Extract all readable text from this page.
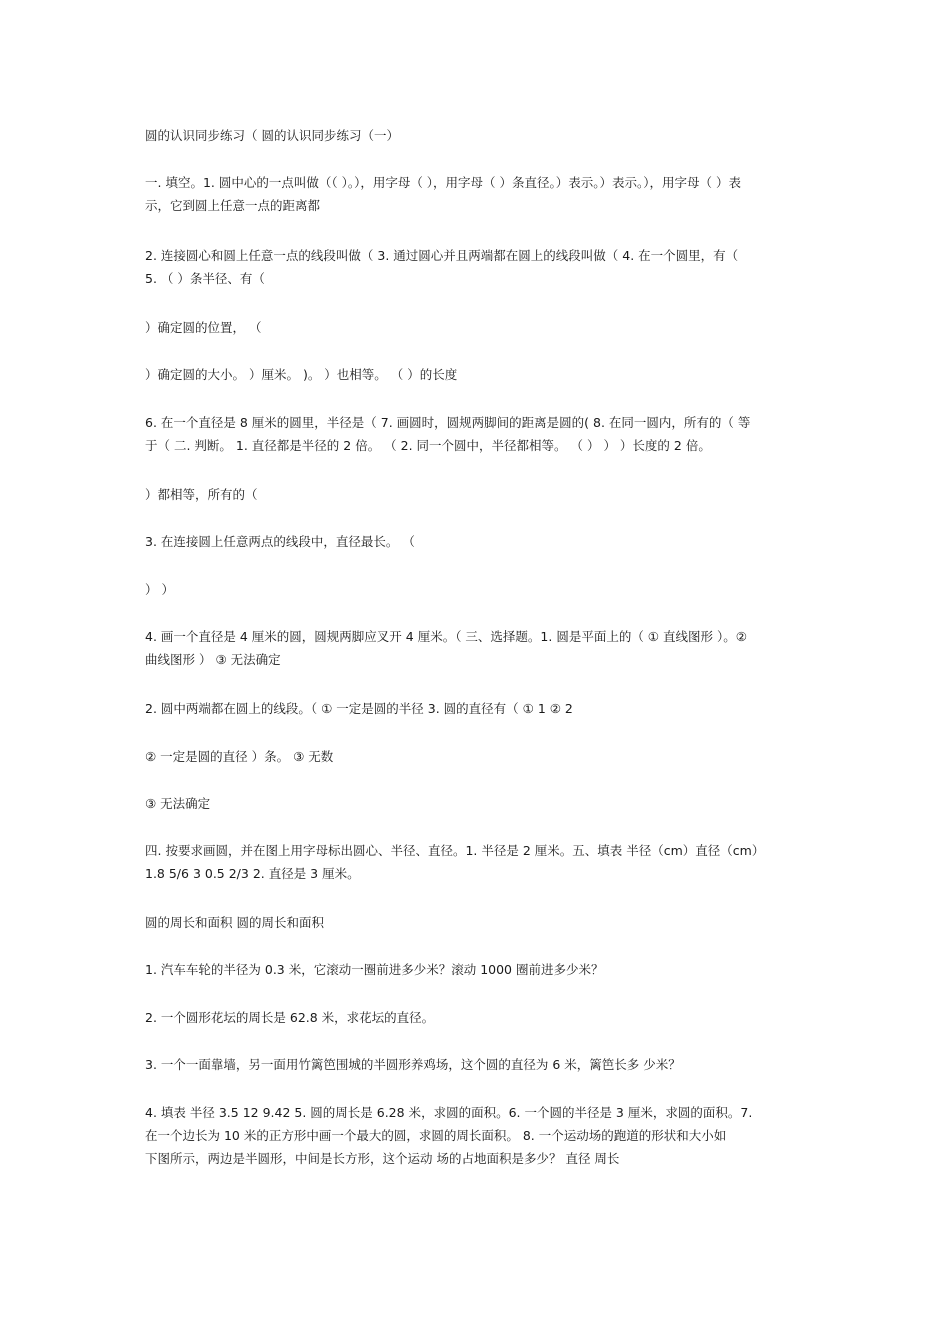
圆的认识同步练习（ 圆的认识同步练习（一）

一. 填空。1. 圆中心的一点叫做（（ ）。），用字母（ ），用字母（ ）条直径。）表示。）表示。），用字母（ ）表
示，它到圆上任意一点的距离都

2. 连接圆心和圆上任意一点的线段叫做（ 3. 通过圆心并且两端都在圆上的线段叫做（ 4. 在一个圆里，有（
5. （ ）条半径、有（

）确定圆的位置， （

）确定圆的大小。 ）厘米。 )。 ）也相等。 （ ）的长度

6. 在一个直径是 8 厘米的圆里，半径是（ 7. 画圆时，圆规两脚间的距离是圆的( 8. 在同一圆内，所有的（ 等
于（ 二. 判断。 1. 直径都是半径的 2 倍。 （ 2. 同一个圆中，半径都相等。 （ ） ） ）长度的 2 倍。

）都相等，所有的（

3. 在连接圆上任意两点的线段中，直径最长。 （

） ）

4. 画一个直径是 4 厘米的圆，圆规两脚应叉开 4 厘米。（ 三、选择题。1. 圆是平面上的（ ① 直线图形 ）。②
曲线图形 ） ③ 无法确定

2. 圆中两端都在圆上的线段。（ ① 一定是圆的半径 3. 圆的直径有（ ① 1 ② 2

② 一定是圆的直径 ）条。 ③ 无数

③ 无法确定

四. 按要求画圆，并在图上用字母标出圆心、半径、直径。1. 半径是 2 厘米。五、填表 半径（cm）直径（cm）
1.8 5/6 3 0.5 2/3 2. 直径是 3 厘米。

圆的周长和面积 圆的周长和面积

1. 汽车车轮的半径为 0.3 米，它滚动一圈前进多少米？滚动 1000 圈前进多少米？

2. 一个圆形花坛的周长是 62.8 米，求花坛的直径。

3. 一个一面靠墙，另一面用竹篱笆围城的半圆形养鸡场，这个圆的直径为 6 米，篱笆长多 少米？

4. 填表 半径 3.5 12 9.42 5. 圆的周长是 6.28 米，求圆的面积。6. 一个圆的半径是 3 厘米，求圆的面积。7.
在一个边长为 10 米的正方形中画一个最大的圆，求圆的周长面积。 8. 一个运动场的跑道的形状和大小如
下图所示，两边是半圆形，中间是长方形，这个运动 场的占地面积是多少？ 直径 周长
